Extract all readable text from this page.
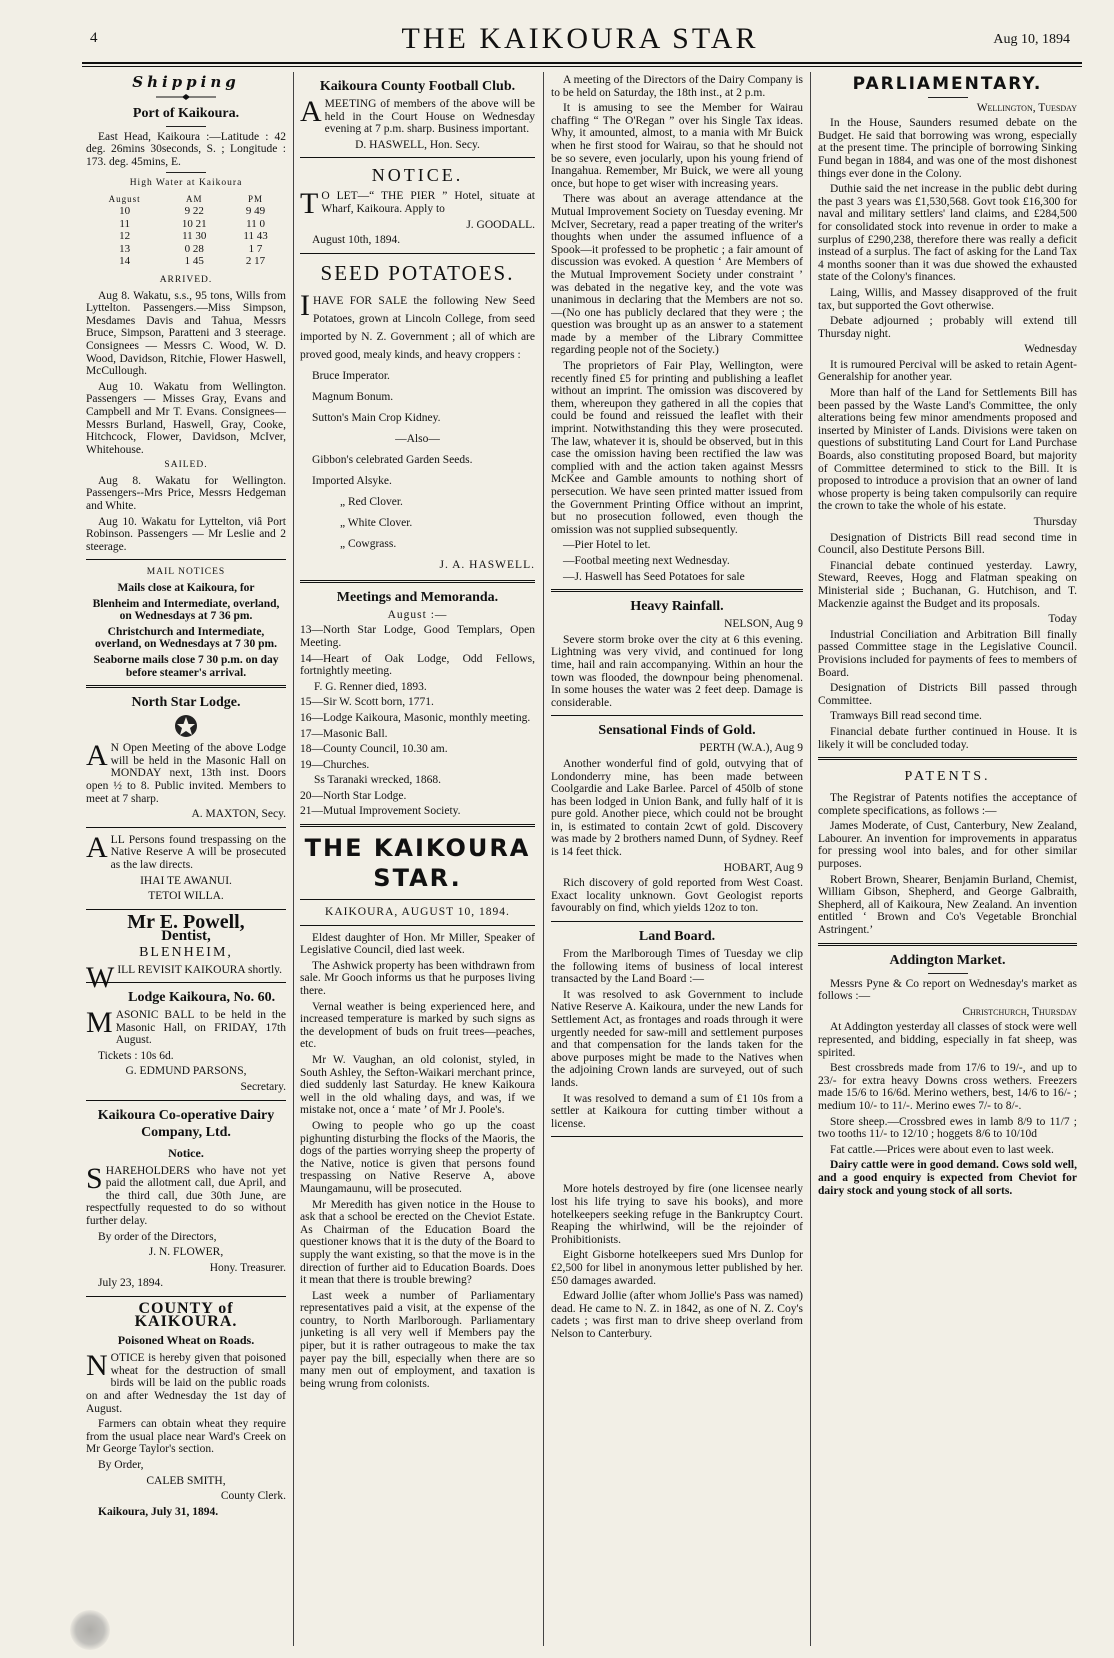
4	THE KAIKOURA STAR	Aug 10, 1894

Shipping

Port of Kaikoura.

East Head, Kaikoura :—Latitude : 42 deg. 26mins 30seconds, S. ; Longitude : 173. deg. 45mins, E.

High Water at Kaikoura

August	AM	PM
10	9 22	9 49
11	10 21	11 0
12	11 30	11 43
13	0 28	1 7
14	1 45	2 17

ARRIVED.

Aug 8. Wakatu, s.s., 95 tons, Wills from Lyttelton. Passengers.—Miss Simpson, Mesdames Davis and Tahua, Messrs Bruce, Simpson, Paratteni and 3 steerage. Consignees — Messrs C. Wood, W. D. Wood, Davidson, Ritchie, Flower Haswell, McCullough.

Aug 10. Wakatu from Wellington. Passengers — Misses Gray, Evans and Campbell and Mr T. Evans. Consignees—Messrs Burland, Haswell, Gray, Cooke, Hitchcock, Flower, Davidson, McIver, Whitehouse.

SAILED.

Aug 8. Wakatu for Wellington. Passengers--Mrs Price, Messrs Hedgeman and White.

Aug 10. Wakatu for Lyttelton, viâ Port Robinson. Passengers — Mr Leslie and 2 steerage.

MAIL NOTICES

Mails close at Kaikoura, for

Blenheim and Intermediate, overland, on Wednesdays at 7 36 pm.

Christchurch and Intermediate, overland, on Wednesdays at 7 30 pm.

Seaborne mails close 7 30 p.m. on day before steamer's arrival.

North Star Lodge.

A N Open Meeting of the above Lodge will be held in the Masonic Hall on MONDAY next, 13th inst. Doors open ½ to 8. Public invited. Members to meet at 7 sharp.

A. MAXTON, Secy.

ALL Persons found trespassing on the Native Reserve A will be prosecuted as the law directs.

IHAI TE AWANUI.

TETOI WILLA.

Mr E. Powell,

Dentist,

BLENHEIM,

WILL REVISIT KAIKOURA shortly.

Lodge Kaikoura, No. 60.

MASONIC BALL to be held in the Masonic Hall, on FRIDAY, 17th August.

Tickets : 10s 6d.

G. EDMUND PARSONS,

Secretary.

Kaikoura Co-operative Dairy Company, Ltd.

Notice.

SHAREHOLDERS who have not yet paid the allotment call, due April, and the third call, due 30th June, are respectfully requested to do so without further delay.

By order of the Directors,

J. N. FLOWER,

Hony. Treasurer.

July 23, 1894.

COUNTY of KAIKOURA.

Poisoned Wheat on Roads.

NOTICE is hereby given that poisoned wheat for the destruction of small birds will be laid on the public roads on and after Wednesday the 1st day of August.

Farmers can obtain wheat they require from the usual place near Ward's Creek on Mr George Taylor's section.

By Order,

CALEB SMITH,

County Clerk.

Kaikoura, July 31, 1894.

Kaikoura County Football Club.

AMEETING of members of the above will be held in the Court House on Wednesday evening at 7 p.m. sharp. Business important.

D. HASWELL, Hon. Secy.

NOTICE.

T O LET—“ THE PIER ” Hotel, situate at Wharf, Kaikoura. Apply to

J. GOODALL.

August 10th, 1894.

SEED POTATOES.

IHAVE FOR SALE the following New Seed Potatoes, grown at Lincoln College, from seed imported by N. Z. Government ; all of which are proved good, mealy kinds, and heavy croppers :

Bruce Imperator.

Magnum Bonum.

Sutton's Main Crop Kidney.

—Also—

Gibbon's celebrated Garden Seeds.

Imported Alsyke.

„ Red Clover.

„ White Clover.

„ Cowgrass.

J. A. HASWELL.

Meetings and Memoranda.

August :—

13—North Star Lodge, Good Templars, Open Meeting.

14—Heart of Oak Lodge, Odd Fellows, fortnightly meeting.

F. G. Renner died, 1893.

15—Sir W. Scott born, 1771.

16—Lodge Kaikoura, Masonic, monthly meeting.

17—Masonic Ball.

18—County Council, 10.30 am.

19—Churches.

Ss Taranaki wrecked, 1868.

20—North Star Lodge.

21—Mutual Improvement Society.

THE KAIKOURA STAR.

KAIKOURA, AUGUST 10, 1894.

Eldest daughter of Hon. Mr Miller, Speaker of Legislative Council, died last week.

The Ashwick property has been withdrawn from sale. Mr Gooch informs us that he purposes living there.

Vernal weather is being experienced here, and increased temperature is marked by such signs as the development of buds on fruit trees—peaches, etc.

Mr W. Vaughan, an old colonist, styled, in South Ashley, the Sefton-Waikari merchant prince, died suddenly last Saturday. He knew Kaikoura well in the old whaling days, and was, if we mistake not, once a ‘ mate ’ of Mr J. Poole's.

Owing to people who go up the coast pighunting disturbing the flocks of the Maoris, the dogs of the parties worrying sheep the property of the Native, notice is given that persons found trespassing on Native Reserve A, above Maungamaunu, will be prosecuted.

Mr Meredith has given notice in the House to ask that a school be erected on the Cheviot Estate. As Chairman of the Education Board the questioner knows that it is the duty of the Board to supply the want existing, so that the move is in the direction of further aid to Education Boards. Does it mean that there is trouble brewing?

Last week a number of Parliamentary representatives paid a visit, at the expense of the country, to North Marlborough. Parliamentary junketing is all very well if Members pay the piper, but it is rather outrageous to make the tax payer pay the bill, especially when there are so many men out of employment, and taxation is being wrung from colonists.

A meeting of the Directors of the Dairy Company is to be held on Saturday, the 18th inst., at 2 p.m.

It is amusing to see the Member for Wairau chaffing “ The O'Regan ” over his Single Tax ideas. Why, it amounted, almost, to a mania with Mr Buick when he first stood for Wairau, so that he should not be so severe, even jocularly, upon his young friend of Inangahua. Remember, Mr Buick, we were all young once, but hope to get wiser with increasing years.

There was about an average attendance at the Mutual Improvement Society on Tuesday evening. Mr McIver, Secretary, read a paper treating of the writer's thoughts when under the assumed influence of a Spook—it professed to be prophetic ; a fair amount of discussion was evoked. A question ‘ Are Members of the Mutual Improvement Society under constraint ’ was debated in the negative key, and the vote was unanimous in declaring that the Members are not so.—(No one has publicly declared that they were ; the question was brought up as an answer to a statement made by a member of the Library Committee regarding people not of the Society.)

The proprietors of Fair Play, Wellington, were recently fined £5 for printing and publishing a leaflet without an imprint. The omission was discovered by them, whereupon they gathered in all the copies that could be found and reissued the leaflet with their imprint. Notwithstanding this they were prosecuted. The law, whatever it is, should be observed, but in this case the omission having been rectified the law was complied with and the action taken against Messrs McKee and Gamble amounts to nothing short of persecution. We have seen printed matter issued from the Government Printing Office without an imprint, but no prosecution followed, even though the omission was not supplied subsequently.

—Pier Hotel to let.

—Footbal meeting next Wednesday.

—J. Haswell has Seed Potatoes for sale

Heavy Rainfall.

NELSON, Aug 9

Severe storm broke over the city at 6 this evening. Lightning was very vivid, and continued for long time, hail and rain accompanying. Within an hour the town was flooded, the downpour being phenomenal. In some houses the water was 2 feet deep. Damage is considerable.

Sensational Finds of Gold.

PERTH (W.A.), Aug 9

Another wonderful find of gold, outvying that of Londonderry mine, has been made between Coolgardie and Lake Barlee. Parcel of 450lb of stone has been lodged in Union Bank, and fully half of it is pure gold. Another piece, which could not be brought in, is estimated to contain 2cwt of gold. Discovery was made by 2 brothers named Dunn, of Sydney. Reef is 14 feet thick.

HOBART, Aug 9

Rich discovery of gold reported from West Coast. Exact locality unknown. Govt Geologist reports favourably on find, which yields 12oz to ton.

Land Board.

From the Marlborough Times of Tuesday we clip the following items of business of local interest transacted by the Land Board :—

It was resolved to ask Government to include Native Reserve A. Kaikoura, under the new Lands for Settlement Act, as frontages and roads through it were urgently needed for saw-mill and settlement purposes and that compensation for the lands taken for the above purposes might be made to the Natives when the adjoining Crown lands are surveyed, out of such lands.

It was resolved to demand a sum of £1 10s from a settler at Kaikoura for cutting timber without a license.

More hotels destroyed by fire (one licensee nearly lost his life trying to save his books), and more hotelkeepers seeking refuge in the Bankruptcy Court. Reaping the whirlwind, will be the rejoinder of Prohibitionists.

Eight Gisborne hotelkeepers sued Mrs Dunlop for £2,500 for libel in anonymous letter published by her. £50 damages awarded.

Edward Jollie (after whom Jollie's Pass was named) dead. He came to N. Z. in 1842, as one of N. Z. Coy's cadets ; was first man to drive sheep overland from Nelson to Canterbury.

PARLIAMENTARY.

Wellington, Tuesday

In the House, Saunders resumed debate on the Budget. He said that borrowing was wrong, especially at the present time. The principle of borrowing Sinking Fund began in 1884, and was one of the most dishonest things ever done in the Colony.

Duthie said the net increase in the public debt during the past 3 years was £1,530,568. Govt took £16,300 for naval and military settlers' land claims, and £284,500 for consolidated stock into revenue in order to make a surplus of £290,238, therefore there was really a deficit instead of a surplus. The fact of asking for the Land Tax 4 months sooner than it was due showed the exhausted state of the Colony's finances.

Laing, Willis, and Massey disapproved of the fruit tax, but supported the Govt otherwise.

Debate adjourned ; probably will extend till Thursday night.

Wednesday

It is rumoured Percival will be asked to retain Agent-Generalship for another year.

More than half of the Land for Settlements Bill has been passed by the Waste Land's Committee, the only alterations being few minor amendments proposed and inserted by Minister of Lands. Divisions were taken on questions of substituting Land Court for Land Purchase Boards, also constituting proposed Board, but majority of Committee determined to stick to the Bill. It is proposed to introduce a provision that an owner of land whose property is being taken compulsorily can require the crown to take the whole of his estate.

Thursday

Designation of Districts Bill read second time in Council, also Destitute Persons Bill.

Financial debate continued yesterday. Lawry, Steward, Reeves, Hogg and Flatman speaking on Ministerial side ; Buchanan, G. Hutchison, and T. Mackenzie against the Budget and its proposals.

Today

Industrial Conciliation and Arbitration Bill finally passed Committee stage in the Legislative Council. Provisions included for payments of fees to members of Board.

Designation of Districts Bill passed through Committee.

Tramways Bill read second time.

Financial debate further continued in House. It is likely it will be concluded today.

PATENTS.

The Registrar of Patents notifies the acceptance of complete specifications, as follows :—

James Moderate, of Cust, Canterbury, New Zealand, Labourer. An invention for improvements in apparatus for pressing wool into bales, and for other similar purposes.

Robert Brown, Shearer, Benjamin Burland, Chemist, William Gibson, Shepherd, and George Galbraith, Shepherd, all of Kaikoura, New Zealand. An invention entitled ‘ Brown and Co's Vegetable Bronchial Astringent.’

Addington Market.

Messrs Pyne & Co report on Wednesday's market as follows :—

Christchurch, Thursday

At Addington yesterday all classes of stock were well represented, and bidding, especially in fat sheep, was spirited.

Best crossbreds made from 17/6 to 19/-, and up to 23/- for extra heavy Downs cross wethers. Freezers made 15/6 to 16/6d. Merino wethers, best, 14/6 to 16/- ; medium 10/- to 11/-. Merino ewes 7/- to 8/-.

Store sheep.—Crossbred ewes in lamb 8/9 to 11/7 ; two tooths 11/- to 12/10 ; hoggets 8/6 to 10/10d

Fat cattle.—Prices were about even to last week.

Dairy cattle were in good demand. Cows sold well, and a good enquiry is expected from Cheviot for dairy stock and young stock of all sorts.
